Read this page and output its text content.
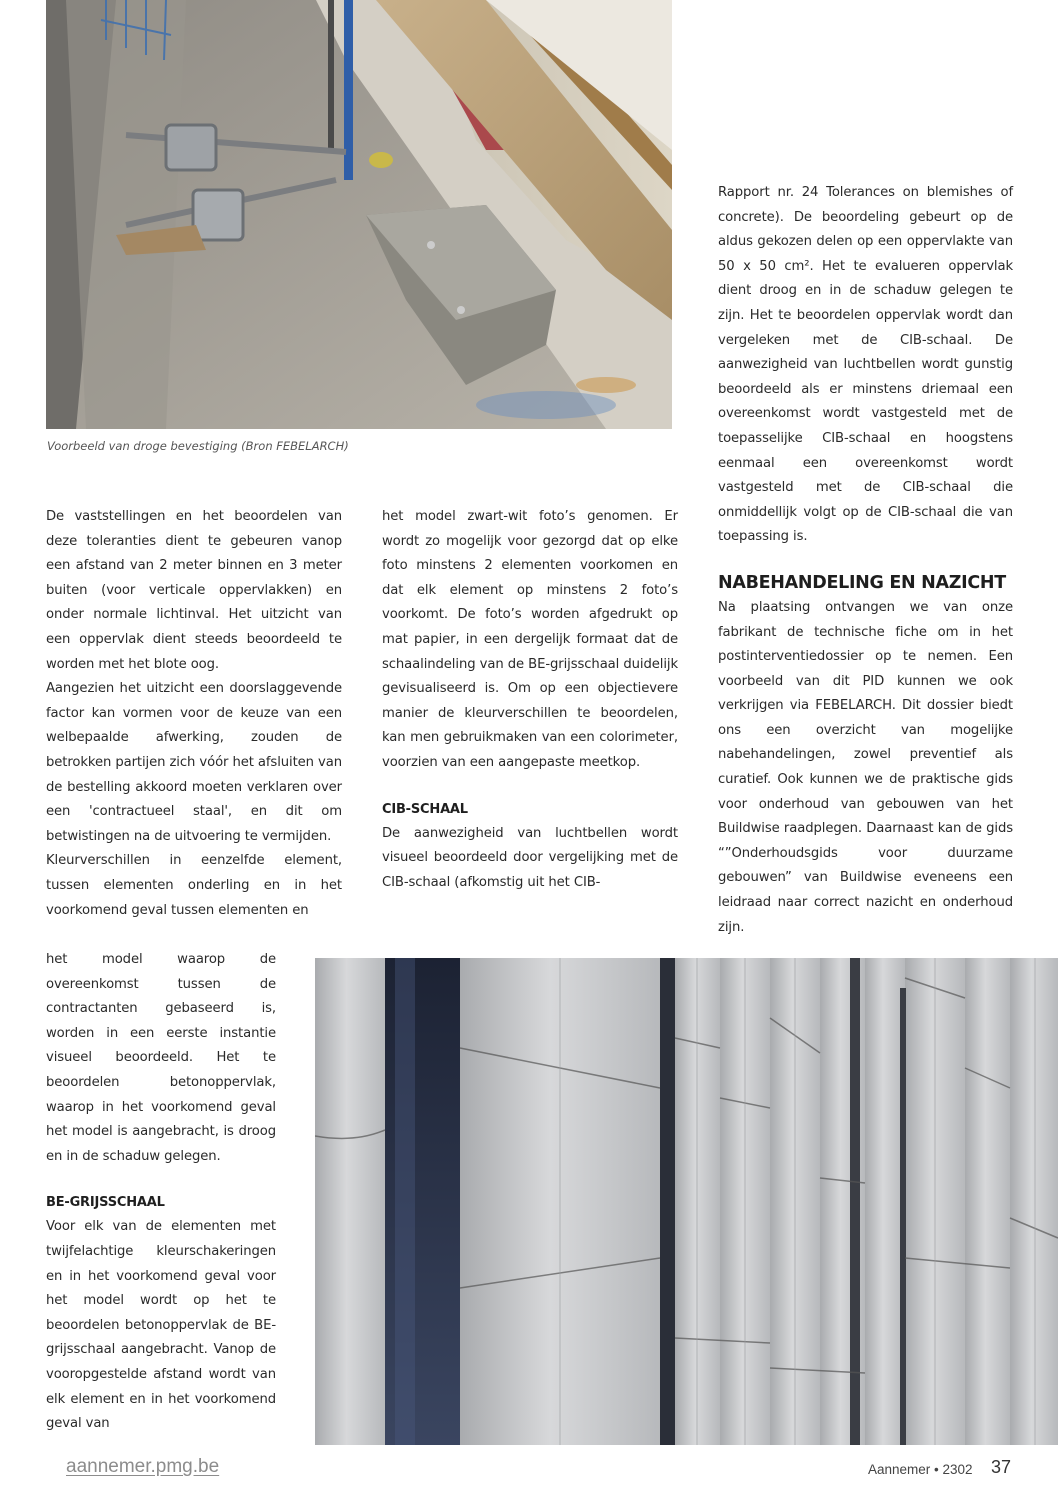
Voorbeeld van droge bevestiging (Bron FEBELARCH)

De vaststellingen en het beoordelen van deze toleranties dient te gebeuren vanop een afstand van 2 meter binnen en 3 meter buiten (voor verticale oppervlakken) en onder normale lichtinval. Het uitzicht van een oppervlak dient steeds beoordeeld te worden met het blote oog.

Aangezien het uitzicht een doorslaggevende factor kan vormen voor de keuze van een welbepaalde afwerking, zouden de betrokken partijen zich vóór het afsluiten van de bestelling akkoord moeten verklaren over een 'contractueel staal', en dit om betwistingen na de uitvoering te vermijden.

Kleurverschillen in eenzelfde element, tussen elementen onderling en in het voorkomend geval tussen elementen en

het model waarop de overeenkomst tussen de contractanten gebaseerd is, worden in een eerste instantie visueel beoordeeld. Het te beoordelen betonoppervlak, waarop in het voorkomend geval het model is aangebracht, is droog en in de schaduw gelegen.

BE-GRIJSSCHAAL

Voor elk van de elementen met twijfelachtige kleurschakeringen en in het voorkomend geval voor het model wordt op het te beoordelen betonoppervlak de BE-grijsschaal aangebracht. Vanop de vooropgestelde afstand wordt van elk element en in het voorkomend geval van

het model zwart-wit foto’s genomen. Er wordt zo mogelijk voor gezorgd dat op elke foto minstens 2 elementen voorkomen en dat elk element op minstens 2 foto’s voorkomt. De foto’s worden afgedrukt op mat papier, in een dergelijk formaat dat de schaalindeling van de BE-grijsschaal duidelijk gevisualiseerd is. Om op een objectievere manier de kleurverschillen te beoordelen, kan men gebruikmaken van een colorimeter, voorzien van een aangepaste meetkop.

CIB-SCHAAL

De aanwezigheid van luchtbellen wordt visueel beoordeeld door vergelijking met de CIB-schaal (afkomstig uit het CIB-

Rapport nr. 24 Tolerances on blemishes of concrete). De beoordeling gebeurt op de aldus gekozen delen op een oppervlakte van 50 x 50 cm². Het te evalueren oppervlak dient droog en in de schaduw gelegen te zijn. Het te beoordelen oppervlak wordt dan vergeleken met de CIB-schaal. De aanwezigheid van luchtbellen wordt gunstig beoordeeld als er minstens driemaal een overeenkomst wordt vastgesteld met de toepasselijke CIB-schaal en hoogstens eenmaal een overeenkomst wordt vastgesteld met de CIB-schaal die onmiddellijk volgt op de CIB-schaal die van toepassing is.

NABEHANDELING EN NAZICHT

Na plaatsing ontvangen we van onze fabrikant de technische fiche om in het postinterventiedossier op te nemen. Een voorbeeld van dit PID kunnen we ook verkrijgen via FEBELARCH. Dit dossier biedt ons een overzicht van mogelijke nabehandelingen, zowel preventief als curatief. Ook kunnen we de praktische gids voor onderhoud van gebouwen van het Buildwise raadplegen. Daarnaast kan de gids “”Onderhoudsgids voor duurzame gebouwen” van Buildwise eveneens een leidraad naar correct nazicht en onderhoud zijn.

aannemer.pmg.be	Aannemer • 2302 37
